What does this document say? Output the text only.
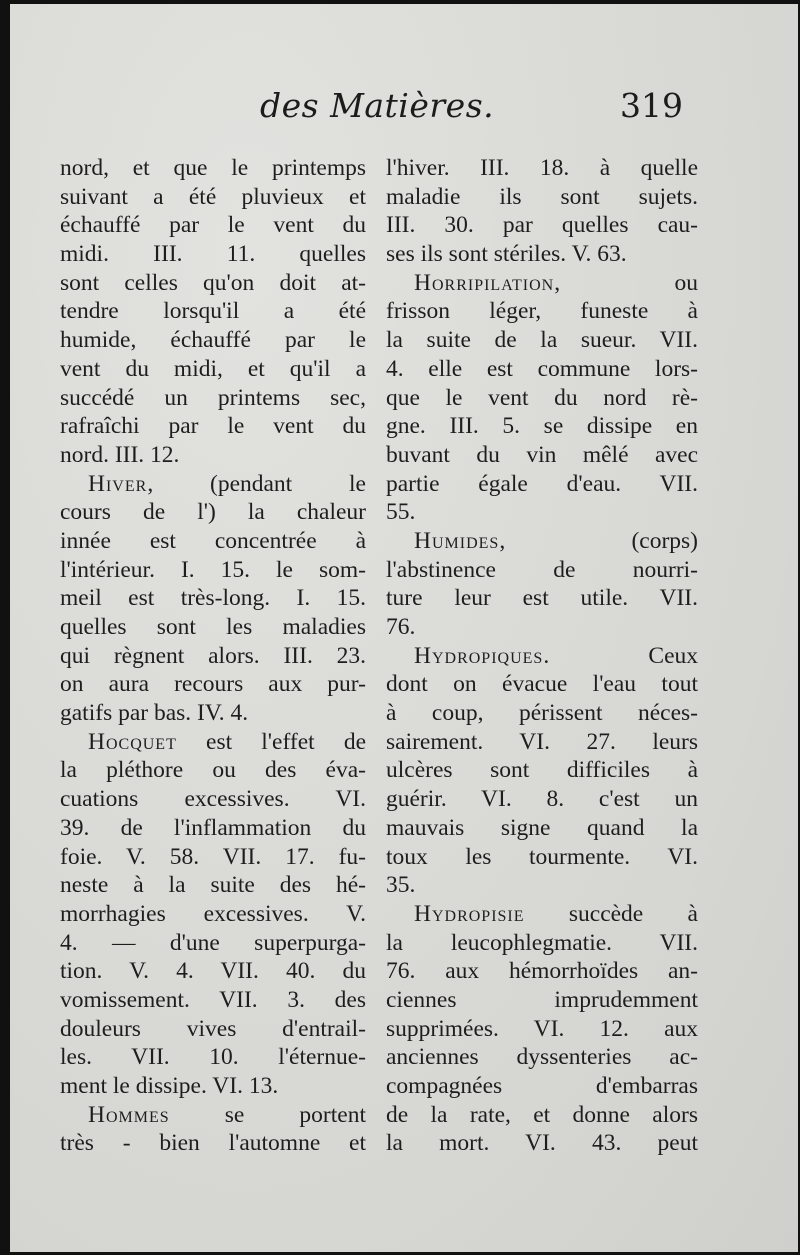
des Matières.	319
nord, et que le printemps
suivant a été pluvieux et
échauffé par le vent du
midi. III. 11. quelles
sont celles qu'on doit at-
tendre lorsqu'il a été
humide, échauffé par le
vent du midi, et qu'il a
succédé un printems sec,
rafraîchi par le vent du
nord. III. 12.
Hiver, (pendant le
cours de l') la chaleur
innée est concentrée à
l'intérieur. I. 15. le som-
meil est très-long. I. 15.
quelles sont les maladies
qui règnent alors. III. 23.
on aura recours aux pur-
gatifs par bas. IV. 4.
Hocquet est l'effet de
la pléthore ou des éva-
cuations excessives. VI.
39. de l'inflammation du
foie. V. 58. VII. 17. fu-
neste à la suite des hé-
morrhagies excessives. V.
4. — d'une superpurga-
tion. V. 4. VII. 40. du
vomissement. VII. 3. des
douleurs vives d'entrail-
les. VII. 10. l'éternue-
ment le dissipe. VI. 13.
Hommes se portent
très - bien l'automne et
l'hiver. III. 18. à quelle
maladie ils sont sujets.
III. 30. par quelles cau-
ses ils sont stériles. V. 63.
Horripilation, ou
frisson léger, funeste à
la suite de la sueur. VII.
4. elle est commune lors-
que le vent du nord rè-
gne. III. 5. se dissipe en
buvant du vin mêlé avec
partie égale d'eau. VII.
55.
Humides, (corps)
l'abstinence de nourri-
ture leur est utile. VII.
76.
Hydropiques. Ceux
dont on évacue l'eau tout
à coup, périssent néces-
sairement. VI. 27. leurs
ulcères sont difficiles à
guérir. VI. 8. c'est un
mauvais signe quand la
toux les tourmente. VI.
35.
Hydropisie succède à
la leucophlegmatie. VII.
76. aux hémorrhoïdes an-
ciennes imprudemment
supprimées. VI. 12. aux
anciennes dyssenteries ac-
compagnées d'embarras
de la rate, et donne alors
la mort. VI. 43. peut
